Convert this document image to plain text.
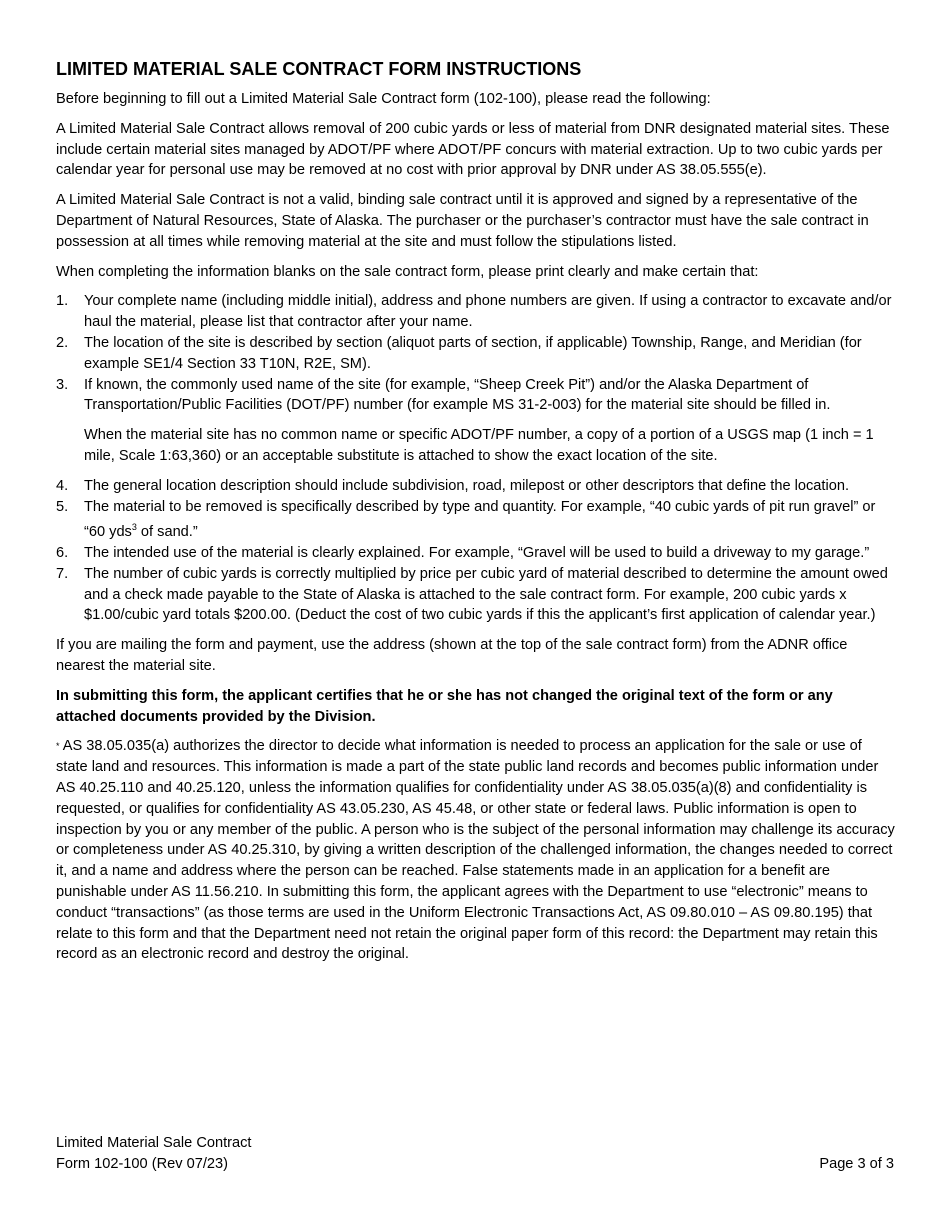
LIMITED MATERIAL SALE CONTRACT FORM INSTRUCTIONS

Before beginning to fill out a Limited Material Sale Contract form (102-100), please read the following:

A Limited Material Sale Contract allows removal of 200 cubic yards or less of material from DNR designated material sites. These include certain material sites managed by ADOT/PF where ADOT/PF concurs with material extraction. Up to two cubic yards per calendar year for personal use may be removed at no cost with prior approval by DNR under AS 38.05.555(e).

A Limited Material Sale Contract is not a valid, binding sale contract until it is approved and signed by a representative of the Department of Natural Resources, State of Alaska. The purchaser or the purchaser’s contractor must have the sale contract in possession at all times while removing material at the site and must follow the stipulations listed.

When completing the information blanks on the sale contract form, please print clearly and make certain that:

1.	Your complete name (including middle initial), address and phone numbers are given. If using a contractor to excavate and/or haul the material, please list that contractor after your name.
2.	The location of the site is described by section (aliquot parts of section, if applicable) Township, Range, and Meridian (for example SE1/4 Section 33 T10N, R2E, SM).
3.	If known, the commonly used name of the site (for example, “Sheep Creek Pit”) and/or the Alaska Department of Transportation/Public Facilities (DOT/PF) number (for example MS 31-2-003) for the material site should be filled in.
When the material site has no common name or specific ADOT/PF number, a copy of a portion of a USGS map (1 inch = 1 mile, Scale 1:63,360) or an acceptable substitute is attached to show the exact location of the site.
4.	The general location description should include subdivision, road, milepost or other descriptors that define the location.
5.	The material to be removed is specifically described by type and quantity. For example, “40 cubic yards of pit run gravel” or “60 yds$^3$ of sand.”
6.	The intended use of the material is clearly explained. For example, “Gravel will be used to build a driveway to my garage.”
7.	The number of cubic yards is correctly multiplied by price per cubic yard of material described to determine the amount owed and a check made payable to the State of Alaska is attached to the sale contract form. For example, 200 cubic yards x $1.00/cubic yard totals $200.00. (Deduct the cost of two cubic yards if this the applicant’s first application of calendar year.)

If you are mailing the form and payment, use the address (shown at the top of the sale contract form) from the ADNR office nearest the material site.

In submitting this form, the applicant certifies that he or she has not changed the original text of the form or any attached documents provided by the Division.

* AS 38.05.035(a) authorizes the director to decide what information is needed to process an application for the sale or use of state land and resources. This information is made a part of the state public land records and becomes public information under AS 40.25.110 and 40.25.120, unless the information qualifies for confidentiality under AS 38.05.035(a)(8) and confidentiality is requested, or qualifies for confidentiality AS 43.05.230, AS 45.48, or other state or federal laws. Public information is open to inspection by you or any member of the public. A person who is the subject of the personal information may challenge its accuracy or completeness under AS 40.25.310, by giving a written description of the challenged information, the changes needed to correct it, and a name and address where the person can be reached. False statements made in an application for a benefit are punishable under AS 11.56.210. In submitting this form, the applicant agrees with the Department to use “electronic” means to conduct “transactions” (as those terms are used in the Uniform Electronic Transactions Act, AS 09.80.010 – AS 09.80.195) that relate to this form and that the Department need not retain the original paper form of this record: the Department may retain this record as an electronic record and destroy the original.

Limited Material Sale Contract
Form 102-100 (Rev 07/23)	Page 3 of 3
